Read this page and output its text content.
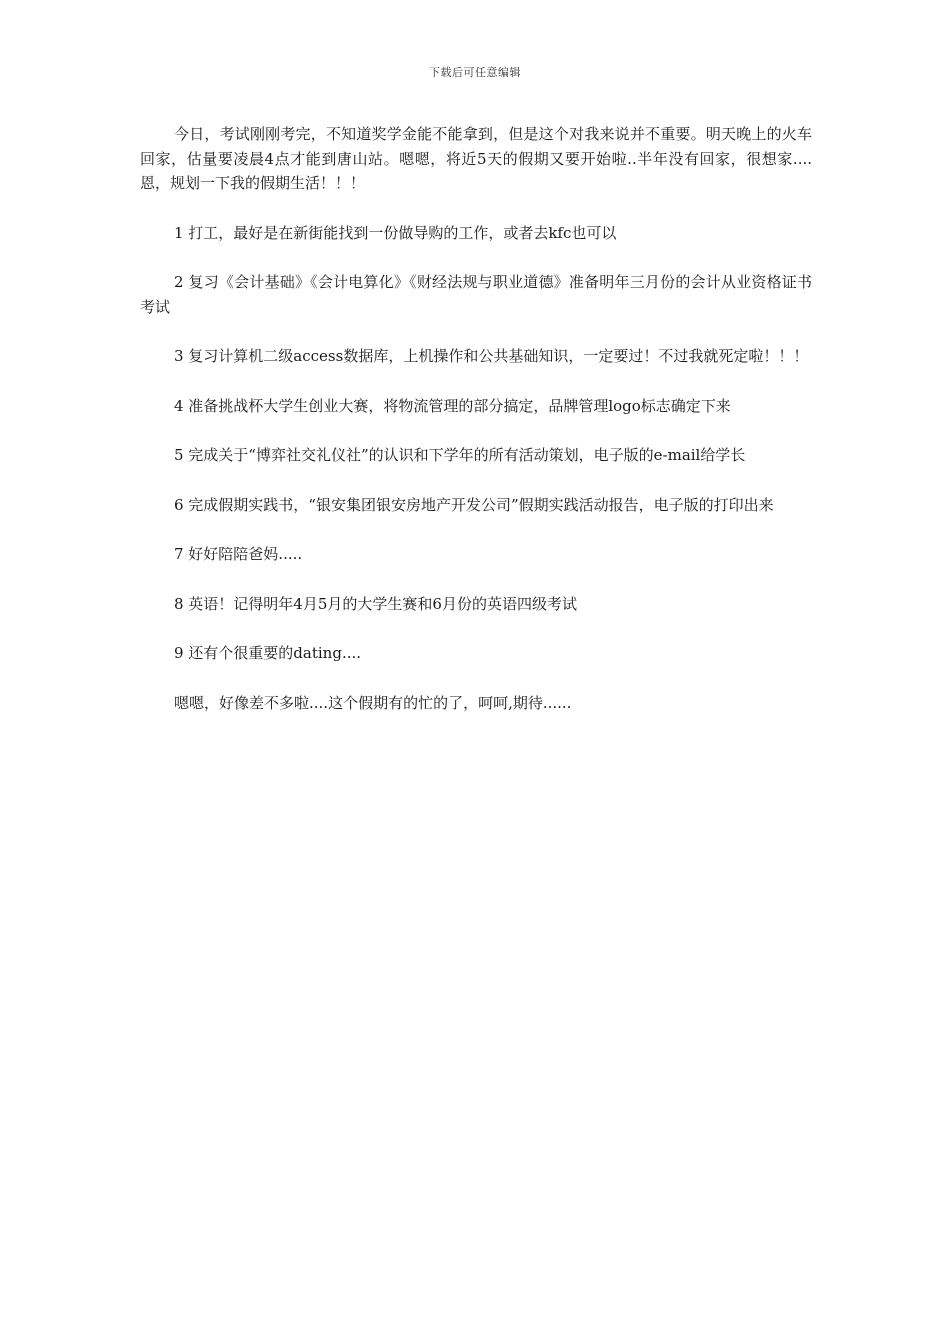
下载后可任意编辑

今日，考试刚刚考完，不知道奖学金能不能拿到，但是这个对我来说并不重要。明天晚上的火车回家，估量要凌晨4点才能到唐山站。嗯嗯，将近5天的假期又要开始啦..半年没有回家，很想家....恩，规划一下我的假期生活！！！

1 打工，最好是在新街能找到一份做导购的工作，或者去kfc也可以

2 复习《会计基础》《会计电算化》《财经法规与职业道德》准备明年三月份的会计从业资格证书考试

3 复习计算机二级access数据库，上机操作和公共基础知识，一定要过！不过我就死定啦！！！

4 准备挑战杯大学生创业大赛，将物流管理的部分搞定，品牌管理logo标志确定下来

5 完成关于“博弈社交礼仪社”的认识和下学年的所有活动策划，电子版的e-mail给学长

6 完成假期实践书，“银安集团银安房地产开发公司”假期实践活动报告，电子版的打印出来

7 好好陪陪爸妈.....

8 英语！记得明年4月5月的大学生赛和6月份的英语四级考试

9 还有个很重要的dating....

嗯嗯，好像差不多啦....这个假期有的忙的了，呵呵,期待......
